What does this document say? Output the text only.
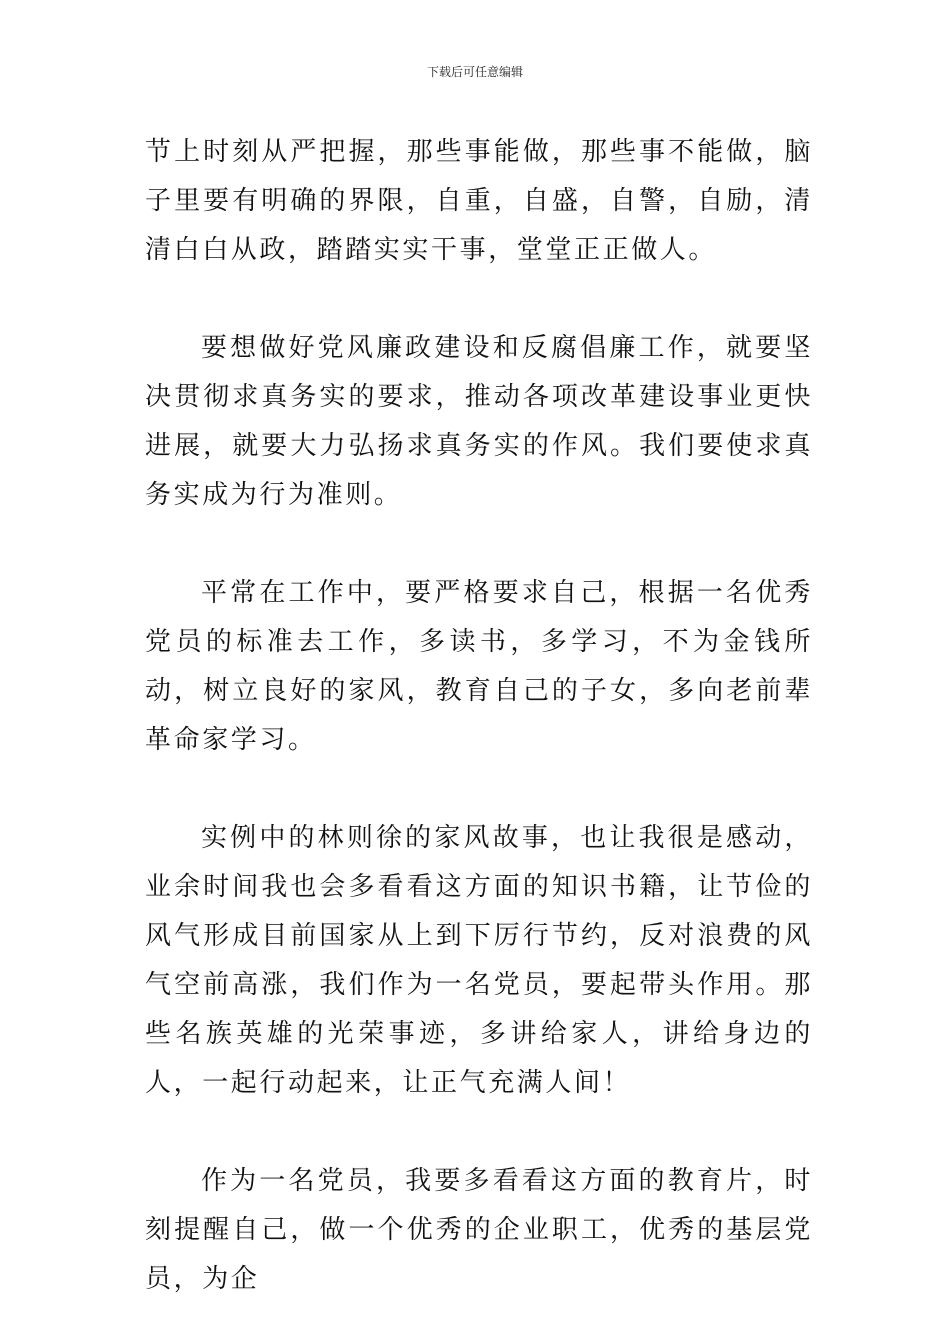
下载后可任意编辑

节上时刻从严把握，那些事能做，那些事不能做，脑子里要有明确的界限，自重，自盛，自警，自励，清清白白从政，踏踏实实干事，堂堂正正做人。

要想做好党风廉政建设和反腐倡廉工作，就要坚决贯彻求真务实的要求，推动各项改革建设事业更快进展，就要大力弘扬求真务实的作风。我们要使求真务实成为行为准则。

平常在工作中，要严格要求自己，根据一名优秀党员的标准去工作，多读书，多学习，不为金钱所动，树立良好的家风，教育自己的子女，多向老前辈革命家学习。

实例中的林则徐的家风故事，也让我很是感动，业余时间我也会多看看这方面的知识书籍，让节俭的风气形成目前国家从上到下厉行节约，反对浪费的风气空前高涨，我们作为一名党员，要起带头作用。那些名族英雄的光荣事迹，多讲给家人，讲给身边的人，一起行动起来，让正气充满人间！

作为一名党员，我要多看看这方面的教育片，时刻提醒自己，做一个优秀的企业职工，优秀的基层党员，为企
